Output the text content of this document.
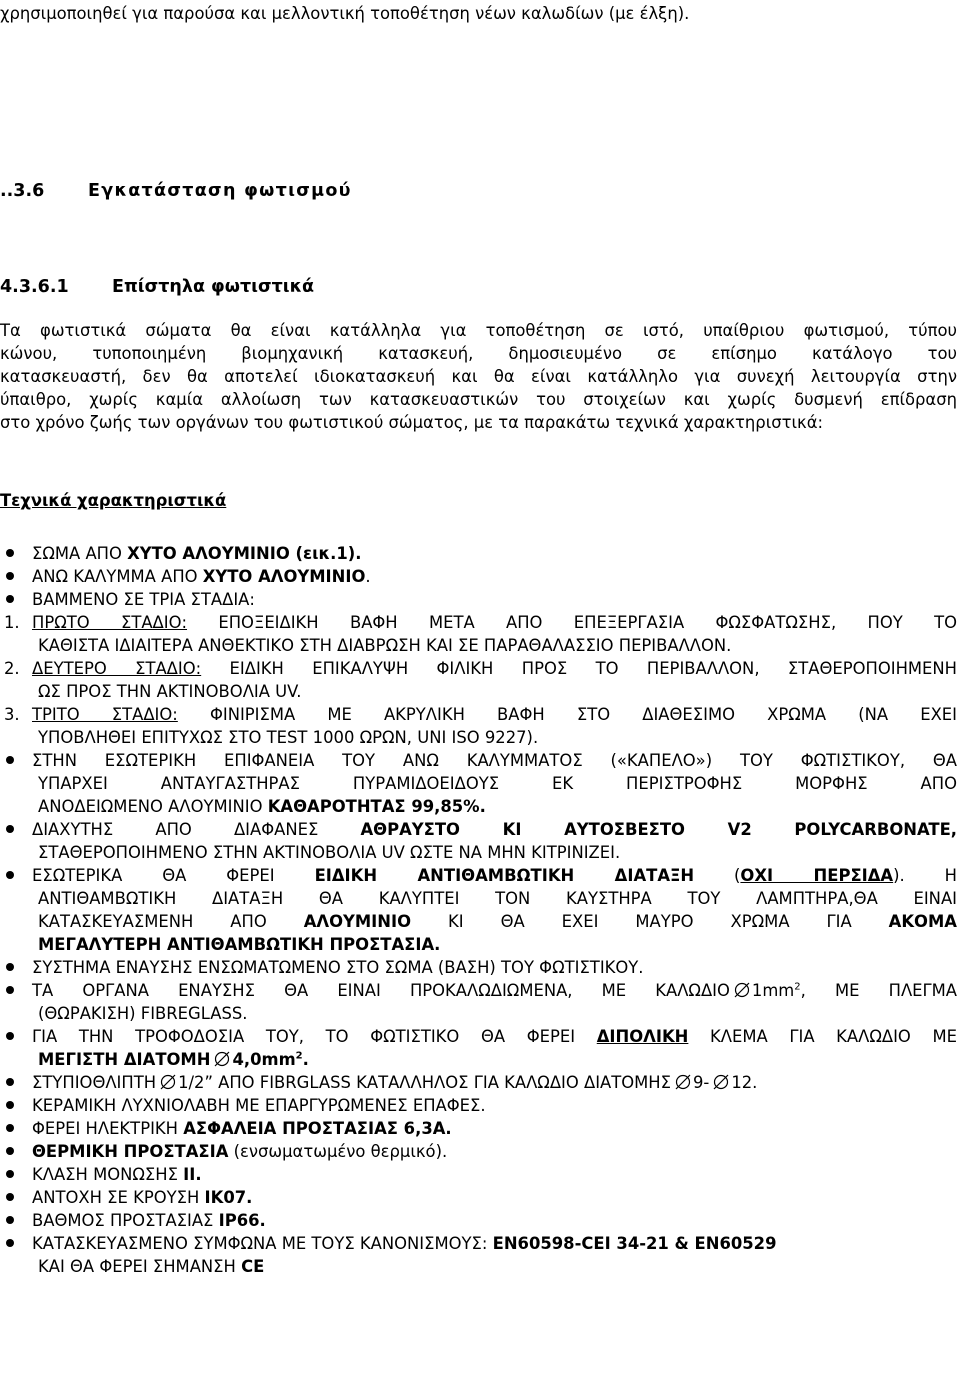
χρησιμοποιηθεί για παρούσα και μελλοντική τοποθέτηση νέων καλωδίων (με έλξη).
..3.6 Εγκατάσταση φωτισμού
4.3.6.1 Επίστηλα φωτιστικά
Τα φωτιστικά σώματα θα είναι κατάλληλα για τοποθέτηση σε ιστό, υπαίθριου φωτισμού, τύπου
κώνου, τυποποιημένη βιομηχανική κατασκευή, δημοσιευμένο σε επίσημο κατάλογο του
κατασκευαστή, δεν θα αποτελεί ιδιοκατασκευή και θα είναι κατάλληλο για συνεχή λειτουργία στην
ύπαιθρο, χωρίς καμία αλλοίωση των κατασκευαστικών του στοιχείων και χωρίς δυσμενή επίδραση
στο χρόνο ζωής των οργάνων του φωτιστικού σώματος, με τα παρακάτω τεχνικά χαρακτηριστικά:
Τεχνικά χαρακτηριστικά
ΣΩΜΑ ΑΠΟ ΧΥΤΟ ΑΛΟΥΜΙΝΙΟ (εικ.1).
ΑΝΩ ΚΑΛΥΜΜΑ ΑΠΟ ΧΥΤΟ ΑΛΟΥΜΙΝΙΟ.
ΒΑΜΜΕΝΟ ΣΕ ΤΡΙΑ ΣΤΑΔΙΑ:
1. ΠΡΩΤΟ ΣΤΑΔΙΟ: ΕΠΟΞΕΙΔΙΚΗ ΒΑΦΗ ΜΕΤΑ ΑΠΟ ΕΠΕΞΕΡΓΑΣΙΑ ΦΩΣΦΑΤΩΣΗΣ, ΠΟΥ ΤΟ
ΚΑΘΙΣΤΑ ΙΔΙΑΙΤΕΡΑ ΑΝΘΕΚΤΙΚΟ ΣΤΗ ΔΙΑΒΡΩΣΗ ΚΑΙ ΣΕ ΠΑΡΑΘΑΛΑΣΣΙΟ ΠΕΡΙΒΑΛΛΟΝ.
2. ΔΕΥΤΕΡΟ ΣΤΑΔΙΟ: ΕΙΔΙΚΗ ΕΠΙΚΑΛΥΨΗ ΦΙΛΙΚΗ ΠΡΟΣ ΤΟ ΠΕΡΙΒΑΛΛΟΝ, ΣΤΑΘΕΡΟΠΟΙΗΜΕΝΗ
ΩΣ ΠΡΟΣ ΤΗΝ ΑΚΤΙΝΟΒΟΛΙΑ UV.
3. ΤΡΙΤΟ ΣΤΑΔΙΟ: ΦΙΝΙΡΙΣΜΑ ΜΕ ΑΚΡΥΛΙΚΗ ΒΑΦΗ ΣΤΟ ΔΙΑΘΕΣΙΜΟ ΧΡΩΜΑ (ΝΑ ΕΧΕΙ
ΥΠΟΒΛΗΘΕΙ ΕΠΙΤΥΧΩΣ ΣΤΟ TEST 1000 ΩΡΩΝ, UNI ISO 9227).
ΣΤΗΝ ΕΣΩΤΕΡΙΚΗ ΕΠΙΦΑΝΕΙΑ ΤΟΥ ΑΝΩ ΚΑΛΥΜΜΑΤΟΣ («ΚΑΠΕΛΟ») ΤΟΥ ΦΩΤΙΣΤΙΚΟΥ, ΘΑ
ΥΠΑΡΧΕΙ ΑΝΤΑΥΓΑΣΤΗΡΑΣ ΠΥΡΑΜΙΔΟΕΙΔΟΥΣ ΕΚ ΠΕΡΙΣΤΡΟΦΗΣ ΜΟΡΦΗΣ ΑΠΟ
ΑΝΟΔΕΙΩΜΕΝΟ ΑΛΟΥΜΙΝΙΟ ΚΑΘΑΡΟΤΗΤΑΣ 99,85%.
ΔΙΑΧΥΤΗΣ ΑΠΟ ΔΙΑΦΑΝΕΣ ΑΘΡΑΥΣΤΟ ΚΙ ΑΥΤΟΣΒΕΣΤΟ V2 POLYCARBONATE,
ΣΤΑΘΕΡΟΠΟΙΗΜΕΝΟ ΣΤΗΝ ΑΚΤΙΝΟΒΟΛΙΑ UV ΩΣΤΕ ΝΑ ΜΗΝ ΚΙΤΡΙΝΙΖΕΙ.
ΕΣΩΤΕΡΙΚΑ ΘΑ ΦΕΡΕΙ ΕΙΔΙΚΗ ΑΝΤΙΘΑΜΒΩΤΙΚΗ ΔΙΑΤΑΞΗ (ΟΧΙ ΠΕΡΣΙΔΑ). Η
ΑΝΤΙΘΑΜΒΩΤΙΚΗ ΔΙΑΤΑΞΗ ΘΑ ΚΑΛΥΠΤΕΙ ΤΟΝ ΚΑΥΣΤΗΡΑ ΤΟΥ ΛΑΜΠΤΗΡΑ,ΘΑ ΕΙΝΑΙ
ΚΑΤΑΣΚΕΥΑΣΜΕΝΗ ΑΠΟ ΑΛΟΥΜΙΝΙΟ ΚΙ ΘΑ ΕΧΕΙ ΜΑΥΡΟ ΧΡΩΜΑ ΓΙΑ ΑΚΟΜΑ
ΜΕΓΑΛΥΤΕΡΗ ΑΝΤΙΘΑΜΒΩΤΙΚΗ ΠΡΟΣΤΑΣΙΑ.
ΣΥΣΤΗΜΑ ΕΝΑΥΣΗΣ ΕΝΣΩΜΑΤΩΜΕΝΟ ΣΤΟ ΣΩΜΑ (ΒΑΣΗ) ΤΟΥ ΦΩΤΙΣΤΙΚΟΥ.
ΤΑ ΟΡΓΑΝΑ ΕΝΑΥΣΗΣ ΘΑ ΕΙΝΑΙ ΠΡΟΚΑΛΩΔΙΩΜΕΝΑ, ΜΕ ΚΑΛΩΔΙΟ $1mm^2$, ΜΕ ΠΛΕΓΜΑ
(ΘΩΡΑΚΙΣΗ) FIBREGLASS.
ΓΙΑ ΤΗΝ ΤΡΟΦΟΔΟΣΙΑ ΤΟΥ, ΤΟ ΦΩΤΙΣΤΙΚΟ ΘΑ ΦΕΡΕΙ ΔΙΠΟΛΙΚΗ ΚΛΕΜΑ ΓΙΑ ΚΑΛΩΔΙΟ ΜΕ
ΜΕΓΙΣΤΗ ΔΙΑΤΟΜΗ $4,0mm^2$.
ΣΤΥΠΙΟΘΛΙΠΤΗ 1/2” ΑΠΟ FIBRGLASS ΚΑΤΑΛΛΗΛΟΣ ΓΙΑ ΚΑΛΩΔΙΟ ΔΙΑΤΟΜΗΣ 9- 12.
ΚΕΡΑΜΙΚΗ ΛΥΧΝΙΟΛΑΒΗ ΜΕ ΕΠΑΡΓΥΡΩΜΕΝΕΣ ΕΠΑΦΕΣ.
ΦΕΡΕΙ ΗΛΕΚΤΡΙΚΗ ΑΣΦΑΛΕΙΑ ΠΡΟΣΤΑΣΙΑΣ 6,3Α.
ΘΕΡΜΙΚΗ ΠΡΟΣΤΑΣΙΑ (ενσωματωμένο θερμικό).
ΚΛΑΣΗ ΜΟΝΩΣΗΣ ΙΙ.
ΑΝΤΟΧΗ ΣΕ ΚΡΟΥΣΗ ΙΚ07.
ΒΑΘΜΟΣ ΠΡΟΣΤΑΣΙΑΣ IP66.
ΚΑΤΑΣΚΕΥΑΣΜΕΝΟ ΣΥΜΦΩΝΑ ΜΕ ΤΟΥΣ ΚΑΝΟΝΙΣΜΟΥΣ: EN60598-CEI 34-21 & EN60529
ΚΑΙ ΘΑ ΦΕΡΕΙ ΣΗΜΑΝΣΗ CE
